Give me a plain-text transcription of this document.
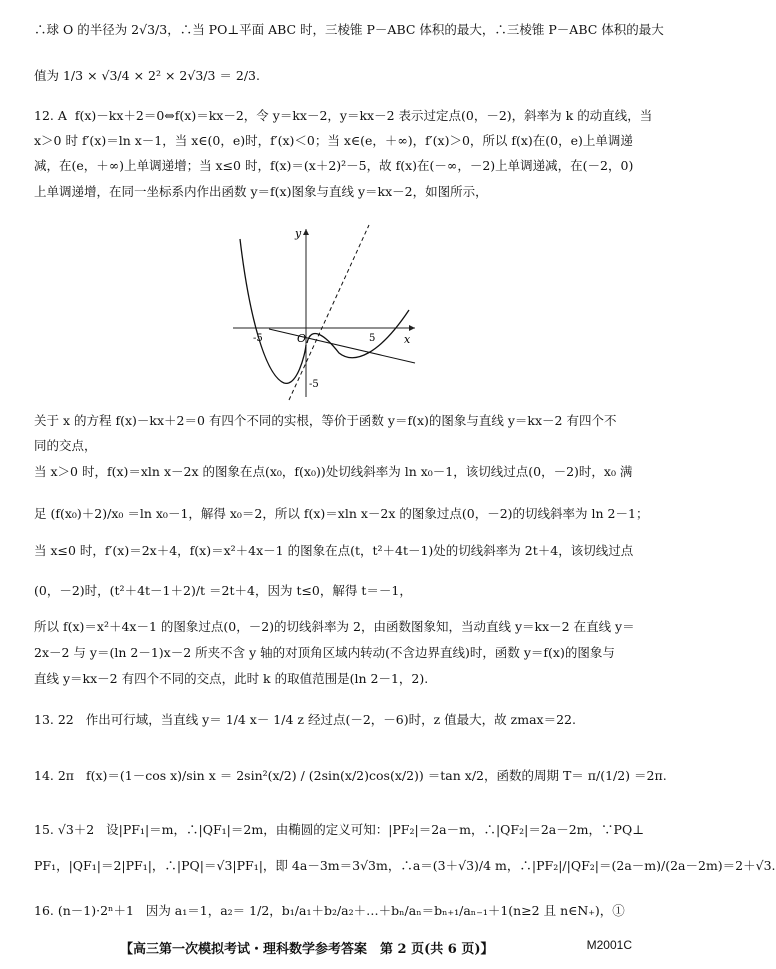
∴球 O 的半径为 2√3/3，∴当 PO⊥平面 ABC 时，三棱锥 P－ABC 体积的最大，∴三棱锥 P－ABC 体积的最大
值为 1/3 × √3/4 × 2² × 2√3/3 ＝ 2/3.
12. A f(x)－kx＋2＝0⇔f(x)＝kx－2，令 y＝kx－2，y＝kx－2 表示过定点(0，－2)，斜率为 k 的动直线，当
x＞0 时 f′(x)＝ln x－1，当 x∈(0，e)时，f′(x)＜0；当 x∈(e，＋∞)，f′(x)＞0，所以 f(x)在(0，e)上单调递
减，在(e，＋∞)上单调递增；当 x≤0 时，f(x)＝(x＋2)²－5，故 f(x)在(－∞，－2)上单调递减，在(－2，0)
上单调递增，在同一坐标系内作出函数 y＝f(x)图象与直线 y＝kx－2，如图所示，
y
x
O
-5	5
-5
关于 x 的方程 f(x)－kx＋2＝0 有四个不同的实根，等价于函数 y＝f(x)的图象与直线 y＝kx－2 有四个不
同的交点，
当 x＞0 时，f(x)＝xln x－2x 的图象在点(x₀，f(x₀))处切线斜率为 ln x₀－1，该切线过点(0，－2)时，x₀ 满
足 (f(x₀)＋2)/x₀ ＝ln x₀－1，解得 x₀＝2，所以 f(x)＝xln x－2x 的图象过点(0，－2)的切线斜率为 ln 2－1；
当 x≤0 时，f′(x)＝2x＋4，f(x)＝x²＋4x－1 的图象在点(t，t²＋4t－1)处的切线斜率为 2t＋4，该切线过点
(0，－2)时，(t²＋4t－1＋2)/t ＝2t＋4，因为 t≤0，解得 t＝－1，
所以 f(x)＝x²＋4x－1 的图象过点(0，－2)的切线斜率为 2，由函数图象知，当动直线 y＝kx－2 在直线 y＝
2x－2 与 y＝(ln 2－1)x－2 所夹不含 y 轴的对顶角区域内转动(不含边界直线)时，函数 y＝f(x)的图象与
直线 y＝kx－2 有四个不同的交点，此时 k 的取值范围是(ln 2－1，2).
13. 22 作出可行域，当直线 y＝ 1/4 x－ 1/4 z 经过点(－2，－6)时，z 值最大，故 zmax＝22.
14. 2π f(x)＝(1－cos x)/sin x ＝ 2sin²(x/2) / (2sin(x/2)cos(x/2)) ＝tan x/2，函数的周期 T＝ π/(1/2) ＝2π.
15. √3＋2 设|PF₁|＝m，∴|QF₁|＝2m，由椭圆的定义可知：|PF₂|＝2a－m，∴|QF₂|＝2a－2m，∵PQ⊥
PF₁，|QF₁|＝2|PF₁|，∴|PQ|＝√3|PF₁|，即 4a－3m＝3√3m，∴a＝(3＋√3)/4 m，∴|PF₂|/|QF₂|＝(2a－m)/(2a－2m)＝2＋√3.
16. (n－1)·2ⁿ＋1 因为 a₁＝1，a₂＝ 1/2，b₁/a₁＋b₂/a₂＋…＋bₙ/aₙ＝bₙ₊₁/aₙ₋₁＋1(n≥2 且 n∈N₊)，①
【高三第一次模拟考试・理科数学参考答案　第 2 页(共 6 页)】	M2001C
